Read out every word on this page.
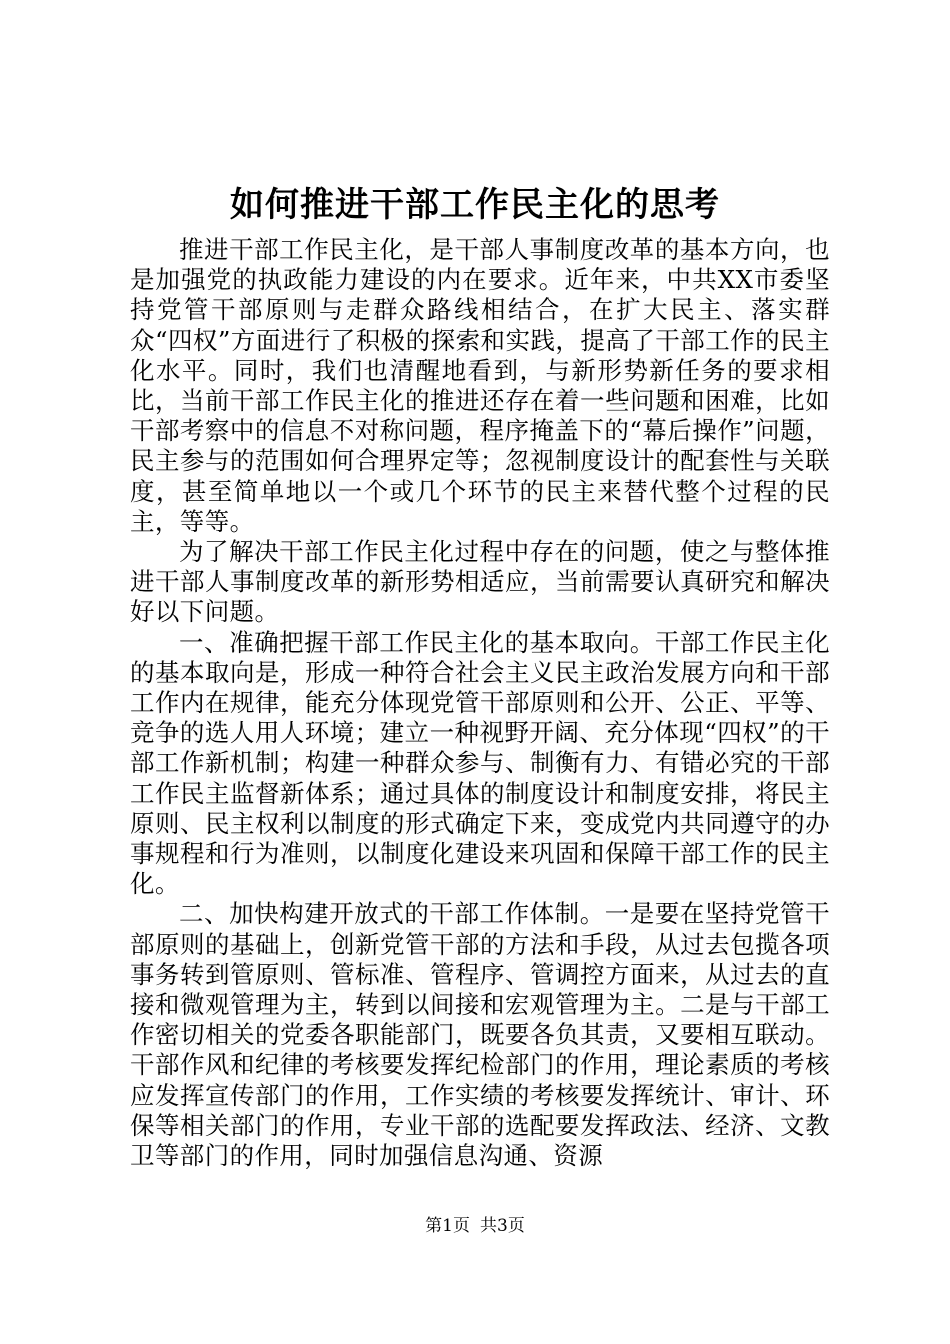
如何推进干部工作民主化的思考

推进干部工作民主化，是干部人事制度改革的基本方向，也是加强党的执政能力建设的内在要求。近年来，中共XX市委坚持党管干部原则与走群众路线相结合，在扩大民主、落实群众“四权”方面进行了积极的探索和实践，提高了干部工作的民主化水平。同时，我们也清醒地看到，与新形势新任务的要求相比，当前干部工作民主化的推进还存在着一些问题和困难，比如干部考察中的信息不对称问题，程序掩盖下的“幕后操作”问题，民主参与的范围如何合理界定等；忽视制度设计的配套性与关联度，甚至简单地以一个或几个环节的民主来替代整个过程的民主，等等。

为了解决干部工作民主化过程中存在的问题，使之与整体推进干部人事制度改革的新形势相适应，当前需要认真研究和解决好以下问题。

一、准确把握干部工作民主化的基本取向。干部工作民主化的基本取向是，形成一种符合社会主义民主政治发展方向和干部工作内在规律，能充分体现党管干部原则和公开、公正、平等、竞争的选人用人环境；建立一种视野开阔、充分体现“四权”的干部工作新机制；构建一种群众参与、制衡有力、有错必究的干部工作民主监督新体系；通过具体的制度设计和制度安排，将民主原则、民主权利以制度的形式确定下来，变成党内共同遵守的办事规程和行为准则，以制度化建设来巩固和保障干部工作的民主化。

二、加快构建开放式的干部工作体制。一是要在坚持党管干部原则的基础上，创新党管干部的方法和手段，从过去包揽各项事务转到管原则、管标准、管程序、管调控方面来，从过去的直接和微观管理为主，转到以间接和宏观管理为主。二是与干部工作密切相关的党委各职能部门，既要各负其责，又要相互联动。干部作风和纪律的考核要发挥纪检部门的作用，理论素质的考核应发挥宣传部门的作用，工作实绩的考核要发挥统计、审计、环保等相关部门的作用，专业干部的选配要发挥政法、经济、文教卫等部门的作用，同时加强信息沟通、资源

第1页 共3页
